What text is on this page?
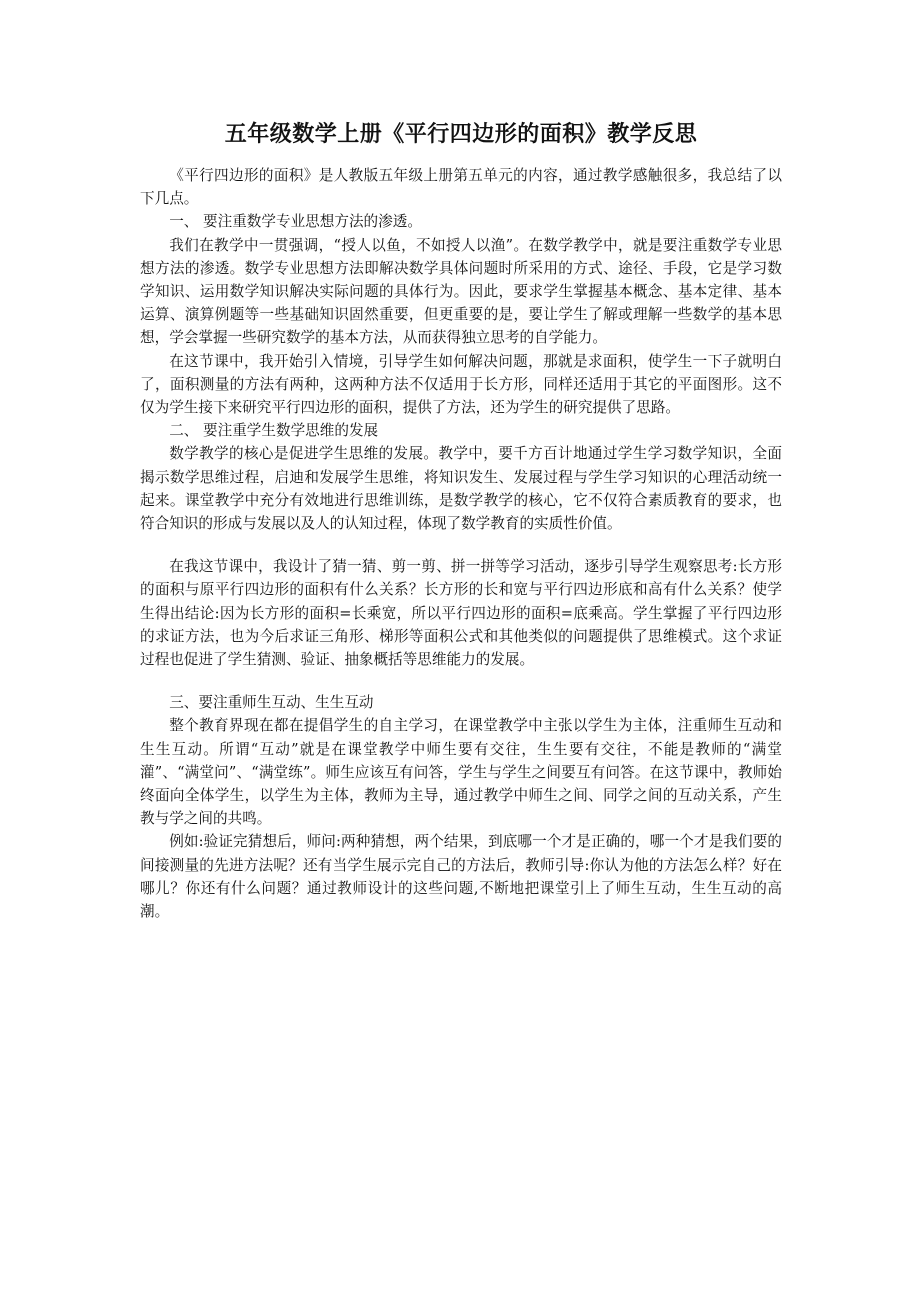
五年级数学上册《平行四边形的面积》教学反思

《平行四边形的面积》是人教版五年级上册第五单元的内容，通过教学感触很多，我总结了以下几点。

一、 要注重数学专业思想方法的渗透。

我们在教学中一贯强调，“授人以鱼，不如授人以渔”。在数学教学中，就是要注重数学专业思想方法的渗透。数学专业思想方法即解决数学具体问题时所采用的方式、途径、手段，它是学习数学知识、运用数学知识解决实际问题的具体行为。因此，要求学生掌握基本概念、基本定律、基本运算、演算例题等一些基础知识固然重要，但更重要的是，要让学生了解或理解一些数学的基本思想，学会掌握一些研究数学的基本方法，从而获得独立思考的自学能力。

在这节课中，我开始引入情境，引导学生如何解决问题，那就是求面积，使学生一下子就明白了，面积测量的方法有两种，这两种方法不仅适用于长方形，同样还适用于其它的平面图形。这不仅为学生接下来研究平行四边形的面积，提供了方法，还为学生的研究提供了思路。

二、 要注重学生数学思维的发展

数学教学的核心是促进学生思维的发展。教学中，要千方百计地通过学生学习数学知识，全面揭示数学思维过程，启迪和发展学生思维，将知识发生、发展过程与学生学习知识的心理活动统一起来。课堂教学中充分有效地进行思维训练，是数学教学的核心，它不仅符合素质教育的要求，也符合知识的形成与发展以及人的认知过程，体现了数学教育的实质性价值。

在我这节课中，我设计了猜一猜、剪一剪、拼一拼等学习活动，逐步引导学生观察思考:长方形的面积与原平行四边形的面积有什么关系？长方形的长和宽与平行四边形底和高有什么关系？使学生得出结论:因为长方形的面积=长乘宽，所以平行四边形的面积=底乘高。学生掌握了平行四边形的求证方法，也为今后求证三角形、梯形等面积公式和其他类似的问题提供了思维模式。这个求证过程也促进了学生猜测、验证、抽象概括等思维能力的发展。

三、要注重师生互动、生生互动

整个教育界现在都在提倡学生的自主学习，在课堂教学中主张以学生为主体，注重师生互动和生生互动。所谓“互动”就是在课堂教学中师生要有交往，生生要有交往，不能是教师的“满堂灌”、“满堂问”、“满堂练”。师生应该互有问答，学生与学生之间要互有问答。在这节课中，教师始终面向全体学生，以学生为主体，教师为主导，通过教学中师生之间、同学之间的互动关系，产生教与学之间的共鸣。

例如:验证完猜想后，师问:两种猜想，两个结果，到底哪一个才是正确的，哪一个才是我们要的间接测量的先进方法呢？还有当学生展示完自己的方法后，教师引导:你认为他的方法怎么样？好在哪儿？你还有什么问题？通过教师设计的这些问题,不断地把课堂引上了师生互动，生生互动的高潮。
